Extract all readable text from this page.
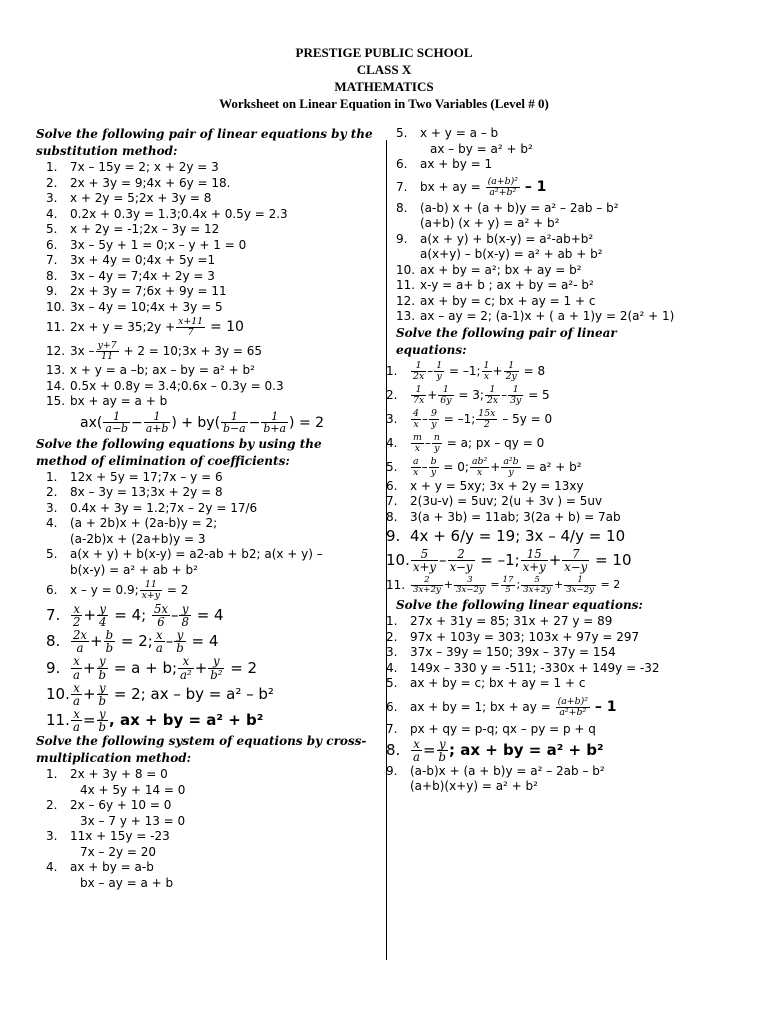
PRESTIGE PUBLIC SCHOOL
CLASS X
MATHEMATICS
Worksheet on Linear Equation in Two Variables (Level # 0)
Solve the following pair of linear equations by the substitution method:
1. 7x – 15y = 2; x + 2y = 3
2. 2x + 3y = 9;4x + 6y = 18.
3. x + 2y = 5;2x + 3y = 8
4. 0.2x + 0.3y = 1.3;0.4x + 0.5y = 2.3
5. x + 2y = -1;2x – 3y = 12
6. 3x – 5y + 1 = 0;x – y + 1 = 0
7. 3x + 4y = 0;4x + 5y =1
8. 3x – 4y = 7;4x + 2y = 3
9. 2x + 3y = 7;6x + 9y = 11
10. 3x – 4y = 10;4x + 3y = 5
11. 2x + y = 35;2y + $\frac{x+11}{7} = 10$
12. $3x - \frac{y+7}{11} + 2$ = 10;3x + 3y = 65
13. x + y = a –b; ax – by = a² + b²
14. 0.5x + 0.8y = 3.4;0.6x – 0.3y = 0.3
15. bx + ay = a + b
$ax( \frac{1}{a-b} - \frac{1}{a+b}$ ) + $by( \frac{1}{b-a} - \frac{1}{b+a}$ ) = 2
Solve the following equations by using the method of elimination of coefficients:
1. 12x + 5y = 17;7x – y = 6
2. 8x – 3y = 13;3x + 2y = 8
3. 0.4x + 3y = 1.2;7x – 2y = 17/6
4. (a + 2b)x + (2a-b)y = 2;
(a-2b)x + (2a+b)y = 3
5. a(x + y) + b(x-y) = a2-ab + b2; a(x + y) –
b(x-y) = a² + ab + b²
6. x – y = 0.9; $\frac{11}{x+y} = 2$
7. $\frac{x}{2} + \frac{y}{4} = 4$; $\frac{5x}{6} - \frac{y}{8} = 4$
8. $\frac{2x}{a} + \frac{b}{b} = 2$; $\frac{x}{a} - \frac{y}{b} = 4$
9. $\frac{x}{a} + \frac{y}{b} = a + b$; $\frac{x}{\text{a²}} + \frac{y}{\text{b²}} = 2$
10. $\frac{x}{a} + \frac{y}{b} = 2$; ax – by = a² – b²
11. $\frac{x}{a} = \frac{y}{b}$ , ax + by = a² + b²
Solve the following system of equations by cross-multiplication method:
1. 2x + 3y + 8 = 0
4x + 5y + 14 = 0
2. 2x – 6y + 10 = 0
3x – 7 y + 13 = 0
3. 11x + 15y = -23
7x – 2y = 20
4. ax + by = a-b
bx – ay = a + b
5. x + y = a – b
ax – by = a² + b²
6. ax + by = 1
7. bx + ay = $\frac{\text{(a+b)²}}{\text{a²+b²}} - 1$
8. (a-b) x + (a + b)y = a² – 2ab – b²
(a+b) (x + y) = a² + b²
9. a(x + y) + b(x-y) = a²-ab+b²
a(x+y) – b(x-y) = a² + ab + b²
10. ax + by = a²; bx + ay = b²
11. x-y = a+ b ; ax + by = a²- b²
12. ax + by = c; bx + ay = 1 + c
13. ax – ay = 2; (a-1)x + ( a + 1)y = 2(a² + 1)
Solve the following pair of linear equations:
1. $\frac{1}{2x} - \frac{1}{y} = -1$; $\frac{1}{x} + \frac{1}{2y} = 8$
2. $\frac{1}{7x} + \frac{1}{6y} = 3$; $\frac{1}{2x} - \frac{1}{3y} = 5$
3. $\frac{4}{x} - \frac{9}{y} = -1$; $\frac{15x}{2} - 5y = 0$
4. $\frac{m}{x} - \frac{n}{y} = a$; px – qy = 0
5. $\frac{a}{x} - \frac{b}{y} = 0$; $\frac{\text{ab²}}{x} + \frac{\text{a²b}}{y} = a^2 + b^2$
6. x + y = 5xy; 3x + 2y = 13xy
7. 2(3u-v) = 5uv; 2(u + 3v ) = 5uv
8. 3(a + 3b) = 11ab; 3(2a + b) = 7ab
9. 4x + 6/y = 19; 3x – 4/y = 10
10. $\frac{5}{x+y} - \frac{2}{x-y} = -1$; $\frac{15}{x+y} + \frac{7}{x-y} = 10$
11. $\frac{2}{3x+2y} + \frac{3}{3x-2y} = \frac{17}{5}$ ; $\frac{5}{3x+2y} + \frac{1}{3x-2y} = 2$
Solve the following linear equations:
1. 27x + 31y = 85; 31x + 27 y = 89
2. 97x + 103y = 303; 103x + 97y = 297
3. 37x – 39y = 150; 39x – 37y = 154
4. 149x – 330 y = -511; -330x + 149y = -32
5. ax + by = c; bx + ay = 1 + c
6. ax + by = 1; bx + ay = $\frac{\text{(a+b)²}}{\text{a²+b²}} - 1$
7. px + qy = p-q; qx – py = p + q
8. $\frac{x}{a} = \frac{y}{b}$ ; ax + by = a² + b²
9. (a-b)x + (a + b)y = a² – 2ab – b²
(a+b)(x+y) = a² + b²
